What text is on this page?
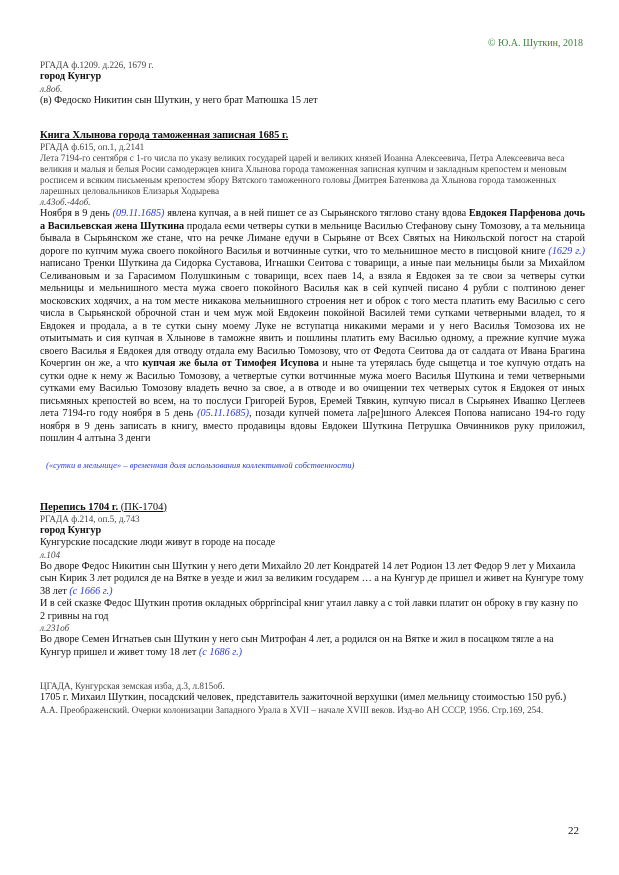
© Ю.А. Шуткин, 2018
РГАДА ф.1209. д.226, 1679 г.
город Кунгур
л.8об.
(в) Федоско Никитин сын Шуткин, у него брат Матюшка 15 лет
Книга Хлынова города таможенная записная 1685 г.
РГАДА ф.615, оп.1, д.2141
Лета 7194-го сентября с 1-го числа по указу великих государей царей и великих князей Иоанна Алексеевича, Петра Алексеевича веса великия и малыя и белыя Росии самодержцев книга Хлынова города таможенная записная купчим и закладным крепостем и меновым росписем и всяким письменым крепостем збору Вятского таможенного головы Дмитрея Батенкова да Хлынова города таможенных ларешных целовальников Елизарья Ходырева
л.43об.-44об.

Ноября в 9 день (09.11.1685) явлена купчая, а в ней пишет се аз Сырьянского тяглово стану вдова Евдокея Парфенова дочь а Васильевская жена Шуткина продала еєми четверы сутки в мельнице Василью Стефанову сыну Томозову, а та мельница бывала в Сырьянском же стане, что на речке Лимане едучи в Сырьяне от Всех Святых на Никольской погост на старой дороге по купчим мужа своего покойного Василья и вотчинные сутки, что то мельнишное место в писцовой книге (1629 г.) написано Тренки Шуткина да Сидорка Суставова, Игнашки Сеитова с товарищи, а иные паи мельницы были за Михайлом Селивановым и за Гарасимом Полушкиным с товарищи, всех паев 14, а взяла я Евдокея за те свои за четверы сутки мельницы и мельнишного места мужа своего покойного Василья как в сей купчей писано 4 рубли с полтиною денег московских ходячих, а на том месте никакова мельнишного строения нет и оброк с того места платить ему Василью с сего числа в Сырьянской оброчной стан и чем муж мой Евдокеин покойной Василей теми сутками четверными владел, то я Евдокея и продала, а в те сутки сыну моему Луке не вступатца никакими мерами и у него Василья Томозова их не отыитымать и сия купчая в Хлынове в таможне явить и пошлины платить ему Василью одному, а прежние купчие мужа своего Василья я Евдокея для отводу отдала ему Василью Томозову, что от Федота Сеитова да от салдата от Ивана Брагина Кочергин он же, а что купчая же была от Тимофея Исупова и ныне та утерялась буде сыщетца и тое купчую отдать на сутки одне к нему ж Василью Томозову, а четвертые сутки вотчинные мужа моего Василья Шуткина и теми четверными сутками ему Василью Томозову владеть вечно за свое, а в отводе и во очищении тех четверых суток я Евдокея от иных письмяных крепостей во всем, на то послуси Григорей Буров, Еремей Тявкин, купчую писал в Сырьянех Ивашко Цеглеев лета 7194-го году ноября в 5 день (05.11.1685), позади купчей помета ла[ре]шного Алексея Попова написано 194-го году ноября в 9 день записать в книгу, вместо продавицы вдовы Евдокеи Шуткина Петрушка Овчинников руку приложил, пошлин 4 алтына 3 денги

(«сутки в мельнице» – временная доля использования коллективной собственности)
Перепись 1704 г. (ПК-1704)
РГАДА ф.214, оп.5, д.743
город Кунгур
Кунгурские посадские люди живут в городе на посаде
л.104

Во дворе Федос Никитин сын Шуткин у него дети Михайло 20 лет Кондратей 14 лет Родион 13 лет Федор 9 лет у Михаила сын Кирик 3 лет родился де на Вятке в уезде и жил за великим государем … а на Кунгур де пришел и живет на Кунгуре тому 38 лет (с 1666 г.)

И в сей сказке Федос Шуткин против окладных обрprincipal книг утаил лавку а с той лавки платит он оброку в гву казну по 2 гривны на год

л.231об

Во дворе Семен Игнатьев сын Шуткин у него сын Митрофан 4 лет, а родился он на Вятке и жил в посацком тягле а на Кунгур пришел и живет тому 18 лет (с 1686 г.)

ЦГАДА, Кунгурская земская изба, д.3, л.815об.
1705 г. Михаил Шуткин, посадский человек, представитель зажиточной верхушки (имел мельницу стоимостью 150 руб.)
А.А. Преображенский. Очерки колонизации Западного Урала в XVII – начале XVIII веков. Изд-во АН СССР, 1956. Стр.169, 254.
22
